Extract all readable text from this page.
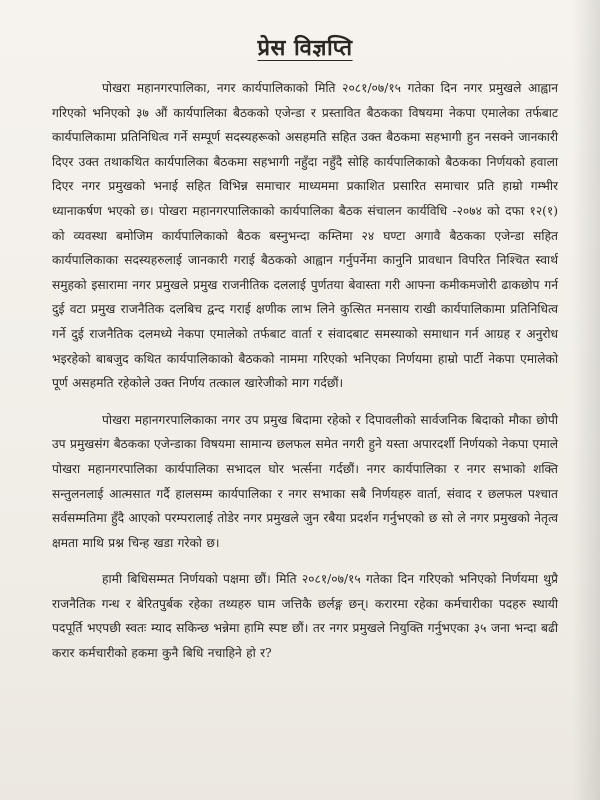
प्रेस विज्ञप्ति

पोखरा महानगरपालिका, नगर कार्यपालिकाको मिति २०८१/०७/१५ गतेका दिन नगर प्रमुखले आह्वान गरिएको भनिएको ३७ औं कार्यपालिका बैठकको एजेन्डा र प्रस्तावित बैठकका विषयमा नेकपा एमालेका तर्फबाट कार्यपालिकामा प्रतिनिधित्व गर्ने सम्पूर्ण सदस्यहरूको असहमति सहित उक्त बैठकमा सहभागी हुन नसक्ने जानकारी दिएर उक्त तथाकथित कार्यपालिका बैठकमा सहभागी नहुँदा नहुँदै सोहि कार्यपालिकाको बैठकका निर्णयको हवाला दिएर नगर प्रमुखको भनाई सहित विभिन्न समाचार माध्यममा प्रकाशित प्रसारित समाचार प्रति हाम्रो गम्भीर ध्यानाकर्षण भएको छ। पोखरा महानगरपालिकाको कार्यपालिका बैठक संचालन कार्यविधि -२०७४ को दफा १२(१) को व्यवस्था बमोजिम कार्यपालिकाको बैठक बस्नुभन्दा कम्तिमा २४ घण्टा अगावै बैठकका एजेन्डा सहित कार्यपालिकाका सदस्यहरुलाई जानकारी गराई बैठकको आह्वान गर्नुपर्नेमा कानुनि प्रावधान विपरित निश्चित स्वार्थ समुहको इसारामा नगर प्रमुखले प्रमुख राजनीतिक दललाई पुर्णतया बेवास्ता गरी आफ्ना कमीकमजोरी ढाकछोप गर्न दुई वटा प्रमुख राजनैतिक दलबिच द्वन्द गराई क्षणीक लाभ लिने कुत्सित मनसाय राखी कार्यपालिकामा प्रतिनिधित्व गर्ने दुई राजनैतिक दलमध्ये नेकपा एमालेको तर्फबाट वार्ता र संवादबाट समस्याको समाधान गर्न आग्रह र अनुरोध भइरहेको बाबजुद कथित कार्यपालिकाको बैठकको नाममा गरिएको भनिएका निर्णयमा हाम्रो पार्टी नेकपा एमालेको पूर्ण असहमति रहेकोले उक्त निर्णय तत्काल खारेजीको माग गर्दछौं।

पोखरा महानगरपालिकाका नगर उप प्रमुख बिदामा रहेको र दिपावलीको सार्वजनिक बिदाको मौका छोपी उप प्रमुखसंग बैठकका एजेन्डाका विषयमा सामान्य छलफल समेत नगरी हुने यस्ता अपारदर्शी निर्णयको नेकपा एमाले पोखरा महानगरपालिका कार्यपालिका सभादल घोर भर्त्सना गर्दछौं। नगर कार्यपालिका र नगर सभाको शक्ति सन्तुलनलाई आत्मसात गर्दै हालसम्म कार्यपालिका र नगर सभाका सबै निर्णयहरु वार्ता, संवाद र छलफल पश्चात सर्वसम्मतिमा हुँदै आएको परम्परालाई तोडेर नगर प्रमुखले जुन रबैया प्रदर्शन गर्नुभएको छ सो ले नगर प्रमुखको नेतृत्व क्षमता माथि प्रश्न चिन्ह खडा गरेको छ।

हामी बिधिसम्मत निर्णयको पक्षमा छौं। मिति २०८१/०७/१५ गतेका दिन गरिएको भनिएको निर्णयमा थुप्रै राजनैतिक गन्ध र बेरितपुर्बक रहेका तथ्यहरु घाम जत्तिकै छर्लङ्ग छन्। करारमा रहेका कर्मचारीका पदहरु स्थायी पदपूर्ति भएपछी स्वतः म्याद सकिन्छ भन्नेमा हामि स्पष्ट छौं। तर नगर प्रमुखले नियुक्ति गर्नुभएका ३५ जना भन्दा बढी करार कर्मचारीको हकमा कुनै बिधि नचाहिने हो र?
